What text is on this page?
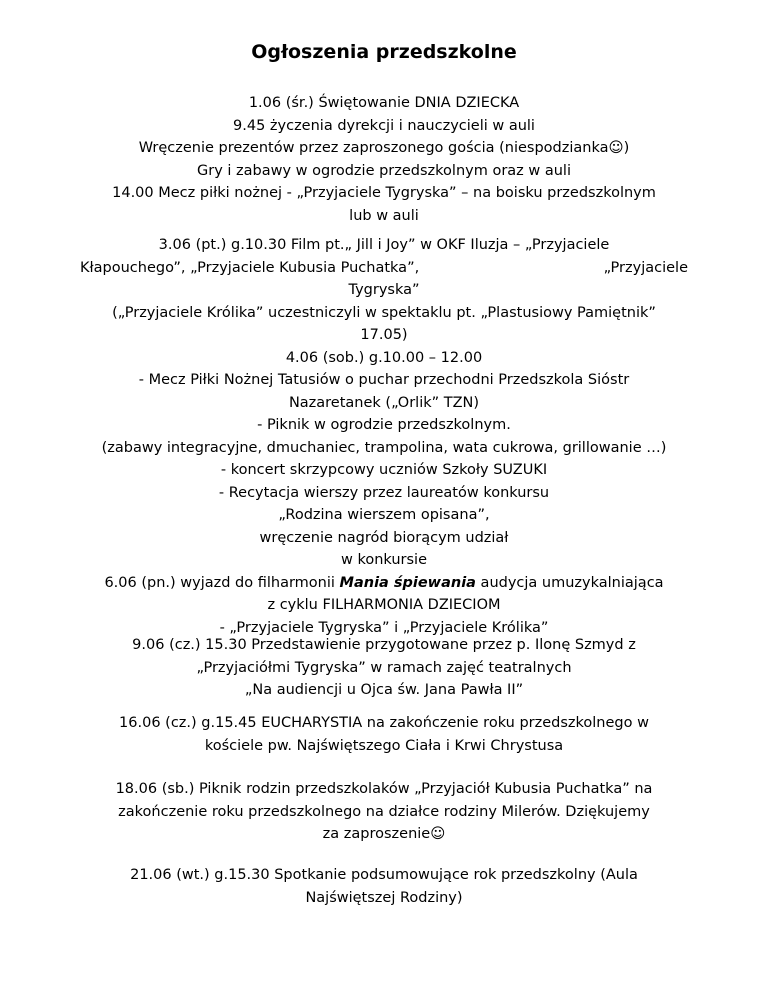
Ogłoszenia przedszkolne
1.06 (śr.) Świętowanie DNIA DZIECKA
9.45 życzenia dyrekcji i nauczycieli w auli
Wręczenie prezentów przez zaproszonego gościa (niespodzianka☺)
Gry i zabawy w ogrodzie przedszkolnym oraz w auli
14.00 Mecz piłki nożnej - „Przyjaciele Tygryska” – na boisku przedszkolnym
lub w auli
3.06 (pt.) g.10.30 Film pt.„ Jill i Joy” w OKF Iluzja – „Przyjaciele
Kłapouchego”, „Przyjaciele Kubusia Puchatka”,	„Przyjaciele
Tygryska”
(„Przyjaciele Królika” uczestniczyli w spektaklu pt. „Plastusiowy Pamiętnik”
17.05)
4.06 (sob.) g.10.00 – 12.00
- Mecz Piłki Nożnej Tatusiów o puchar przechodni Przedszkola Sióstr
Nazaretanek („Orlik” TZN)
- Piknik w ogrodzie przedszkolnym.
(zabawy integracyjne, dmuchaniec, trampolina, wata cukrowa, grillowanie …)
- koncert skrzypcowy uczniów Szkoły SUZUKI
- Recytacja wierszy przez laureatów konkursu
„Rodzina wierszem opisana”,
wręczenie nagród biorącym udział
w konkursie
6.06 (pn.) wyjazd do filharmonii Mania śpiewania audycja umuzykalniająca
z cyklu FILHARMONIA DZIECIOM
- „Przyjaciele Tygryska” i „Przyjaciele Królika”
9.06 (cz.) 15.30 Przedstawienie przygotowane przez p. Ilonę Szmyd z
„Przyjaciółmi Tygryska” w ramach zajęć teatralnych
„Na audiencji u Ojca św. Jana Pawła II”
16.06 (cz.) g.15.45 EUCHARYSTIA na zakończenie roku przedszkolnego w
kościele pw. Najświętszego Ciała i Krwi Chrystusa
18.06 (sb.) Piknik rodzin przedszkolaków „Przyjaciół Kubusia Puchatka” na
zakończenie roku przedszkolnego na działce rodziny Milerów. Dziękujemy
za zaproszenie☺
21.06 (wt.) g.15.30 Spotkanie podsumowujące rok przedszkolny (Aula
Najświętszej Rodziny)
